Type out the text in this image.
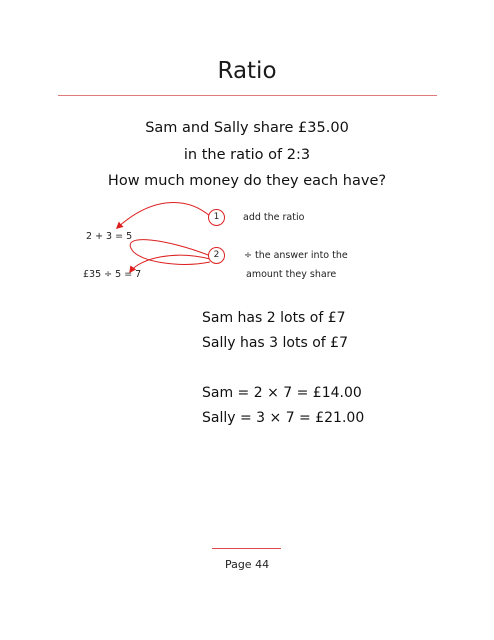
Ratio
Sam and Sally share £35.00
in the ratio of 2:3
How much money do they each have?
1	add the ratio
2 + 3 = 5
2	÷ the answer into the
£35 ÷ 5 = 7	amount they share
Sam has 2 lots of £7
Sally has 3 lots of £7
Sam = 2 × 7 = £14.00
Sally = 3 × 7 = £21.00
Page 44
